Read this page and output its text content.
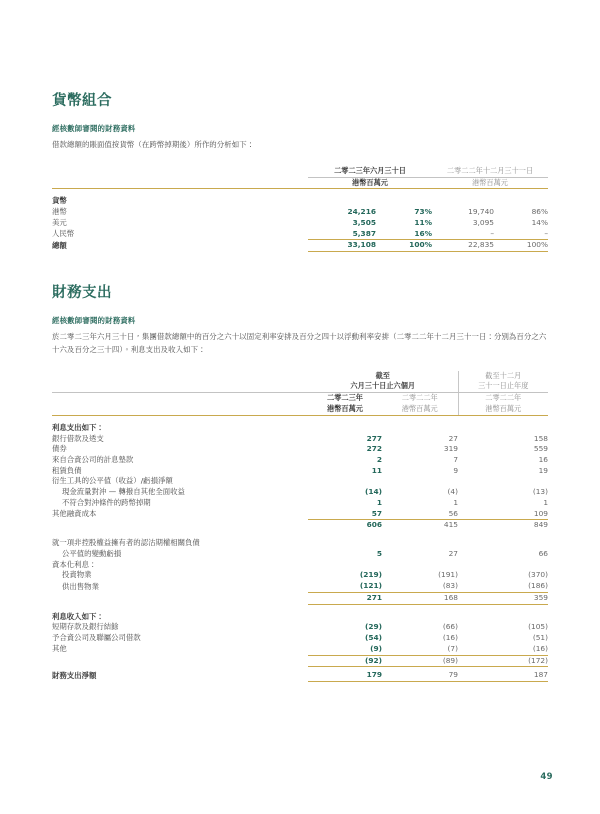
貨幣組合
經核數師審閱的財務資料

借款總額的賬面值按貨幣（在跨幣掉期後）所作的分析如下：

	二零二三年六月三十日		二零二二年十二月三十一日	
	港幣百萬元		港幣百萬元	

貨幣				
港幣	24,216	73%	19,740	86%
美元	3,505	11%	3,095	14%
人民幣	5,387	16%	–	–
總額	33,108	100%	22,835	100%
財務支出
經核數師審閱的財務資料

於二零二三年六月三十日，集團借款總額中的百分之六十以固定利率安排及百分之四十以浮動利率安排（二零二二年十二月三十一日：分別為百分之六十六及百分之三十四）。利息支出及收入如下：

	截至		截至十二月
	六月三十日止六個月		三十一日止年度
	二零二三年	二零二二年	二零二二年
	港幣百萬元	港幣百萬元	港幣百萬元

利息支出如下：			
銀行借款及透支	277	27	158
債券	272	319	559
來自合資公司的計息墊款	2	7	16
租賃負債	11	9	19
衍生工具的公平值（收益）/虧損淨額			
現金流量對沖 — 轉撥自其他全面收益	(14)	(4)	(13)
不符合對沖條件的跨幣掉期	1	1	1
其他融資成本	57	56	109
	606	415	849

就一項非控股權益擁有者的認沽期權相關負債			
公平值的變動虧損	5	27	66
資本化利息：			
投資物業	(219)	(191)	(370)
供出售物業	(121)	(83)	(186)
	271	168	359

利息收入如下：			
短期存款及銀行結餘	(29)	(66)	(105)
予合資公司及聯屬公司借款	(54)	(16)	(51)
其他	(9)	(7)	(16)
	(92)	(89)	(172)

財務支出淨額	179	79	187
49
